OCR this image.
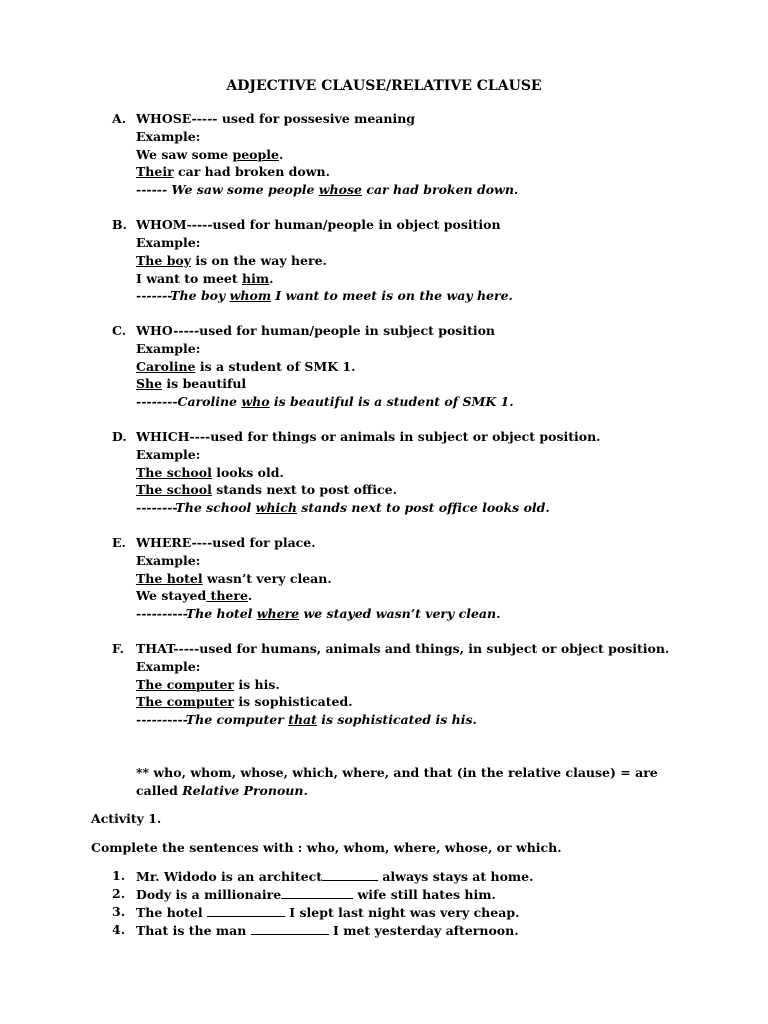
ADJECTIVE CLAUSE/RELATIVE CLAUSE
A. WHOSE----- used for possesive meaning
Example:
We saw some people.
Their car had broken down.
------ We saw some people whose car had broken down.
B. WHOM-----used for human/people in object position
Example:
The boy is on the way here.
I want to meet him.
-------The boy whom I want to meet is on the way here.
C. WHO-----used for human/people in subject position
Example:
Caroline is a student of SMK 1.
She is beautiful
--------Caroline who is beautiful is a student of SMK 1.
D. WHICH----used for things or animals in subject or object position.
Example:
The school looks old.
The school stands next to post office.
--------The school which stands next to post office looks old.
E. WHERE----used for place.
Example:
The hotel wasn’t very clean.
We stayed there.
----------The hotel where we stayed wasn’t very clean.
F. THAT-----used for humans, animals and things, in subject or object position.
Example:
The computer is his.
The computer is sophisticated.
----------The computer that is sophisticated is his.
** who, whom, whose, which, where, and that (in the relative clause) = are
called Relative Pronoun.
Activity 1.
Complete the sentences with : who, whom, where, whose, or which.
1. Mr. Widodo is an architect	always stays at home.
2. Dody is a millionaire	wife still hates him.
3. The hotel	I slept last night was very cheap.
4. That is the man	I met yesterday afternoon.
